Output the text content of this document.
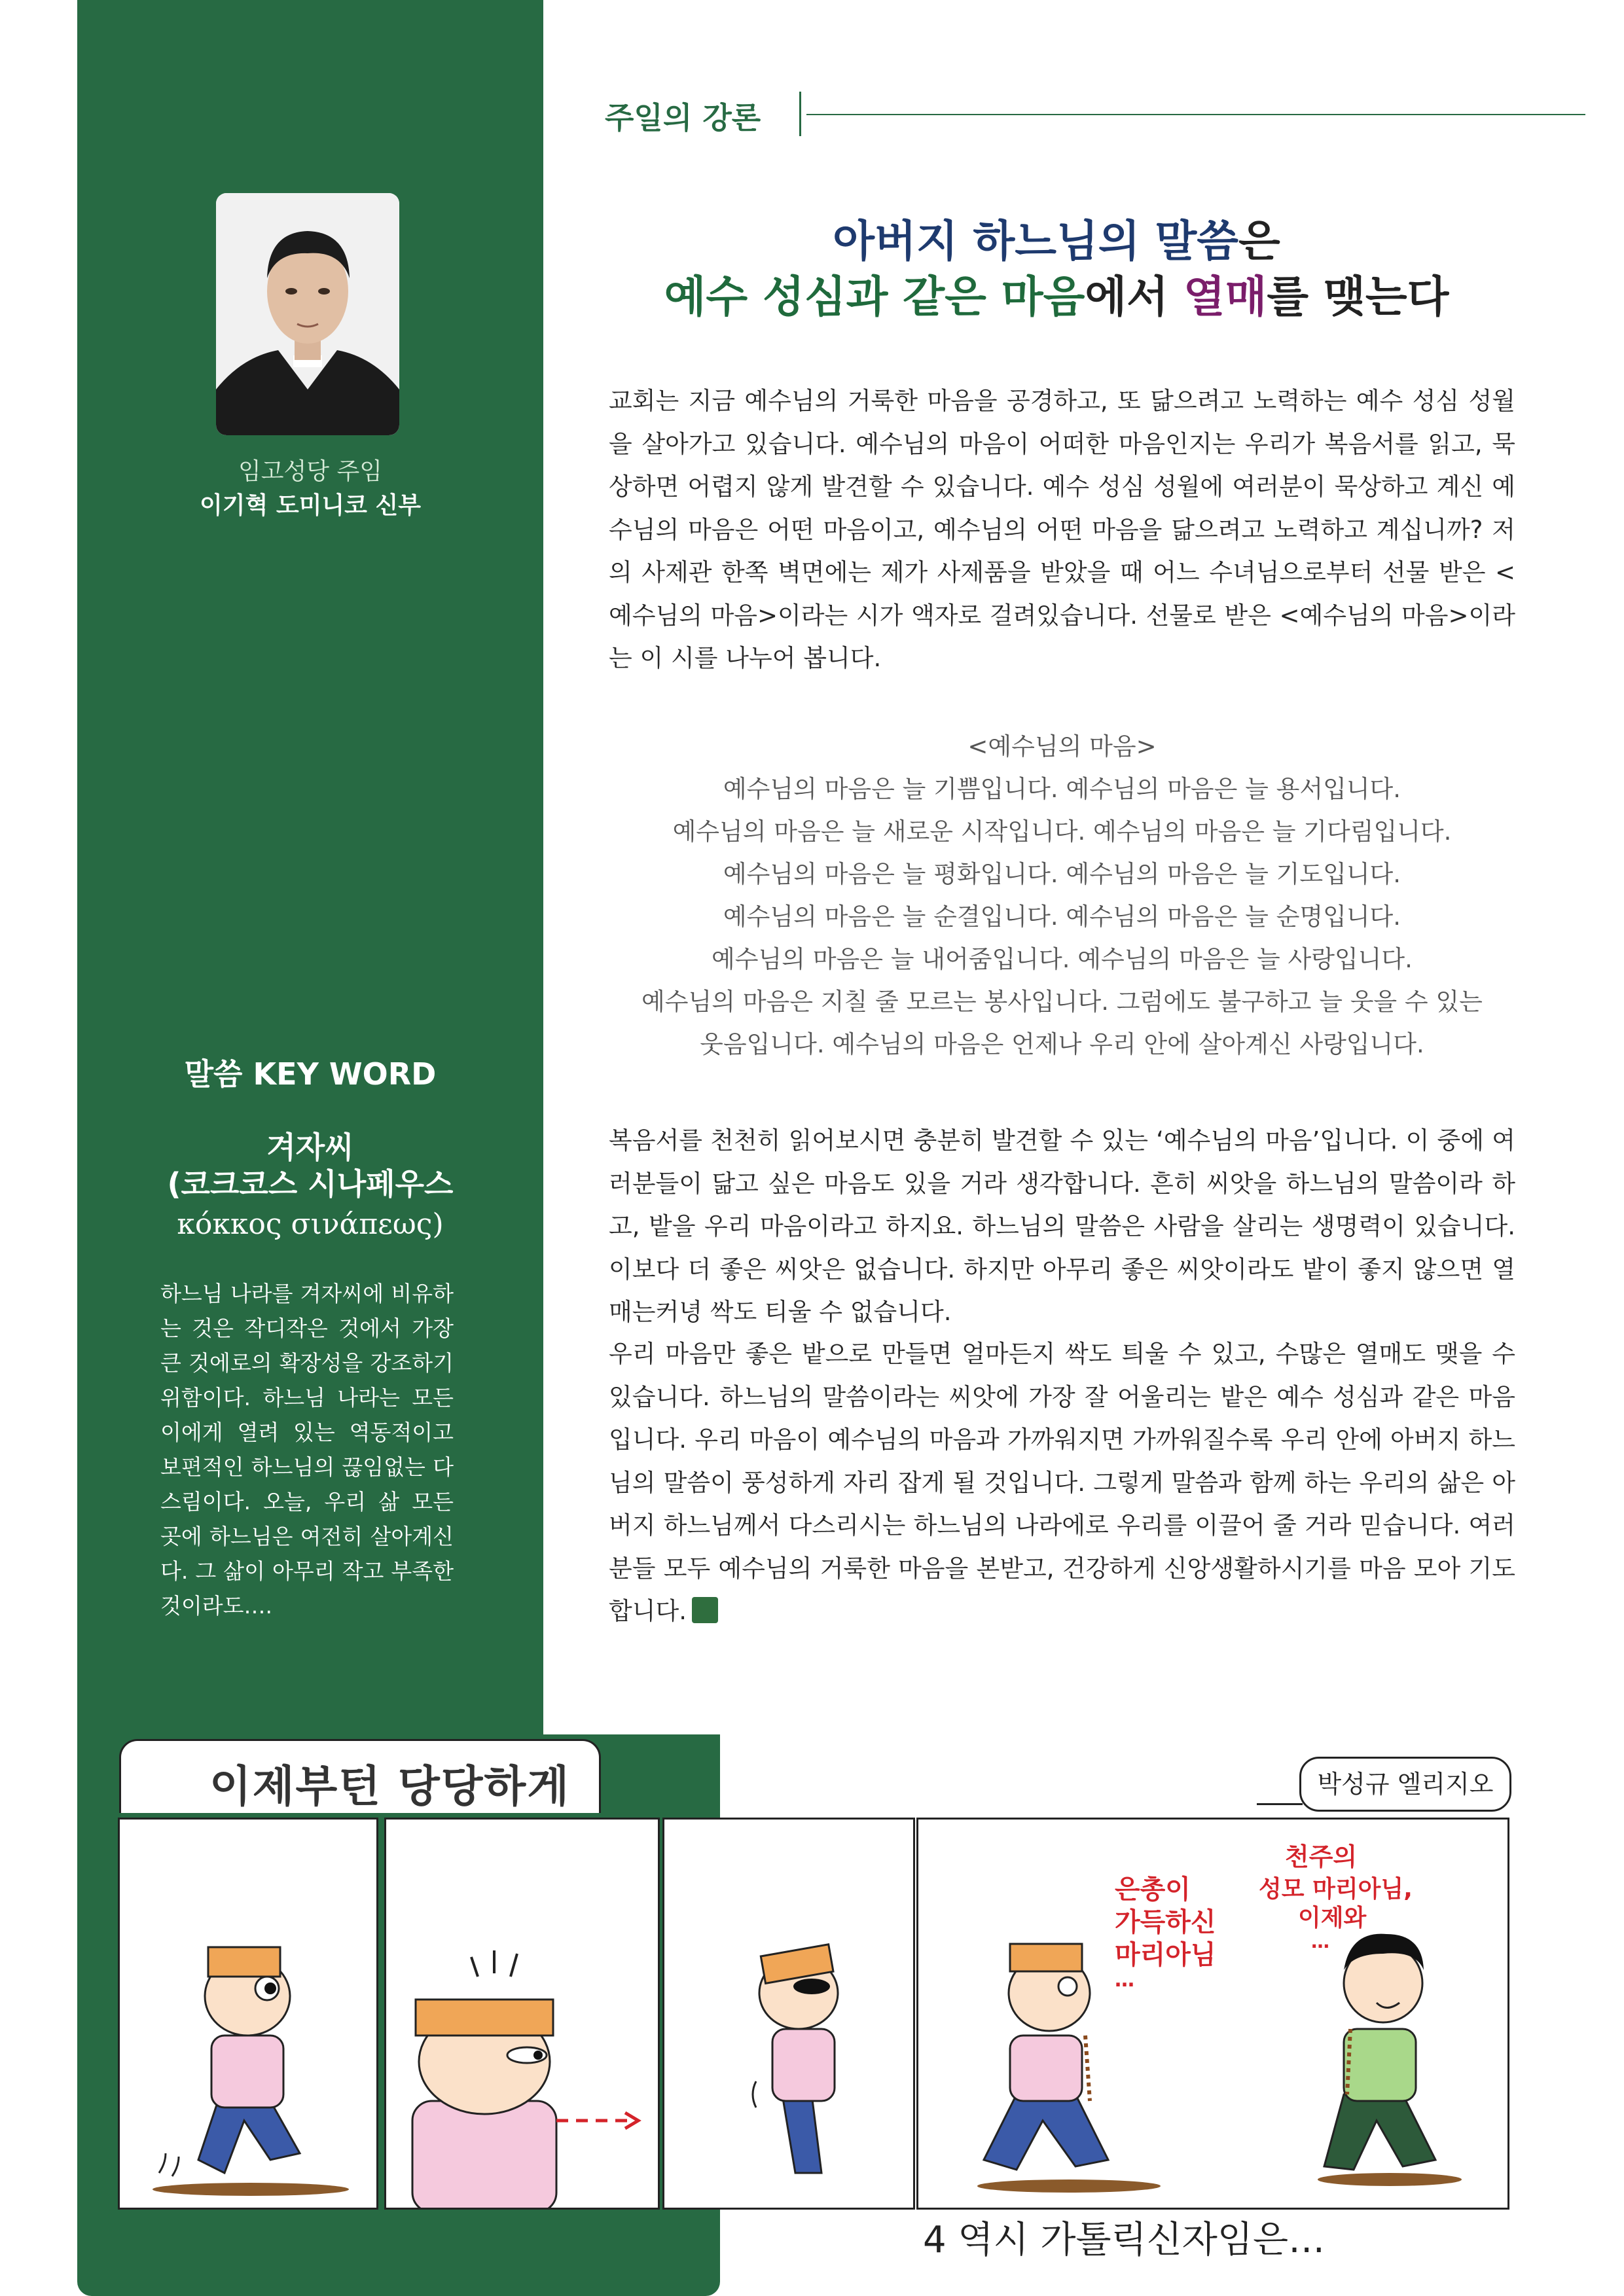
임고성당 주임
이기혁 도미니코 신부
말씀 KEY WORD
겨자씨
(코크코스 시나페우스
κόκκος σινάπεως)
하느님 나라를 겨자씨에 비유하는 것은 작디작은 것에서 가장 큰 것에로의 확장성을 강조하기 위함이다. 하느님 나라는 모든 이에게 열려 있는 역동적이고 보편적인 하느님의 끊임없는 다스림이다. 오늘, 우리 삶 모든 곳에 하느님은 여전히 살아계신다. 그 삶이 아무리 작고 부족한 것이라도….
주일의 강론
아버지 하느님의 말씀은
예수 성심과 같은 마음에서 열매를 맺는다
교회는 지금 예수님의 거룩한 마음을 공경하고, 또 닮으려고 노력하는 예수 성심 성월을 살아가고 있습니다. 예수님의 마음이 어떠한 마음인지는 우리가 복음서를 읽고, 묵상하면 어렵지 않게 발견할 수 있습니다. 예수 성심 성월에 여러분이 묵상하고 계신 예수님의 마음은 어떤 마음이고, 예수님의 어떤 마음을 닮으려고 노력하고 계십니까? 저의 사제관 한쪽 벽면에는 제가 사제품을 받았을 때 어느 수녀님으로부터 선물 받은 <예수님의 마음>이라는 시가 액자로 걸려있습니다. 선물로 받은 <예수님의 마음>이라는 이 시를 나누어 봅니다.
<예수님의 마음>
예수님의 마음은 늘 기쁨입니다. 예수님의 마음은 늘 용서입니다.
예수님의 마음은 늘 새로운 시작입니다. 예수님의 마음은 늘 기다림입니다.
예수님의 마음은 늘 평화입니다. 예수님의 마음은 늘 기도입니다.
예수님의 마음은 늘 순결입니다. 예수님의 마음은 늘 순명입니다.
예수님의 마음은 늘 내어줌입니다. 예수님의 마음은 늘 사랑입니다.
예수님의 마음은 지칠 줄 모르는 봉사입니다. 그럼에도 불구하고 늘 웃을 수 있는
웃음입니다. 예수님의 마음은 언제나 우리 안에 살아계신 사랑입니다.
복음서를 천천히 읽어보시면 충분히 발견할 수 있는 ‘예수님의 마음’입니다. 이 중에 여러분들이 닮고 싶은 마음도 있을 거라 생각합니다. 흔히 씨앗을 하느님의 말씀이라 하고, 밭을 우리 마음이라고 하지요. 하느님의 말씀은 사람을 살리는 생명력이 있습니다. 이보다 더 좋은 씨앗은 없습니다. 하지만 아무리 좋은 씨앗이라도 밭이 좋지 않으면 열매는커녕 싹도 티울 수 없습니다.
우리 마음만 좋은 밭으로 만들면 얼마든지 싹도 틔울 수 있고, 수많은 열매도 맺을 수 있습니다. 하느님의 말씀이라는 씨앗에 가장 잘 어울리는 밭은 예수 성심과 같은 마음입니다. 우리 마음이 예수님의 마음과 가까워지면 가까워질수록 우리 안에 아버지 하느님의 말씀이 풍성하게 자리 잡게 될 것입니다. 그렇게 말씀과 함께 하는 우리의 삶은 아버지 하느님께서 다스리시는 하느님의 나라에로 우리를 이끌어 줄 거라 믿습니다. 여러분들 모두 예수님의 거룩한 마음을 본받고, 건강하게 신앙생활하시기를 마음 모아 기도합니다.
이제부턴 당당하게	박성규 엘리지오
은총이
가득하신
마리아님
…
천주의
성모 마리아님,
이제와
…
4 역시 가톨릭신자임은…
